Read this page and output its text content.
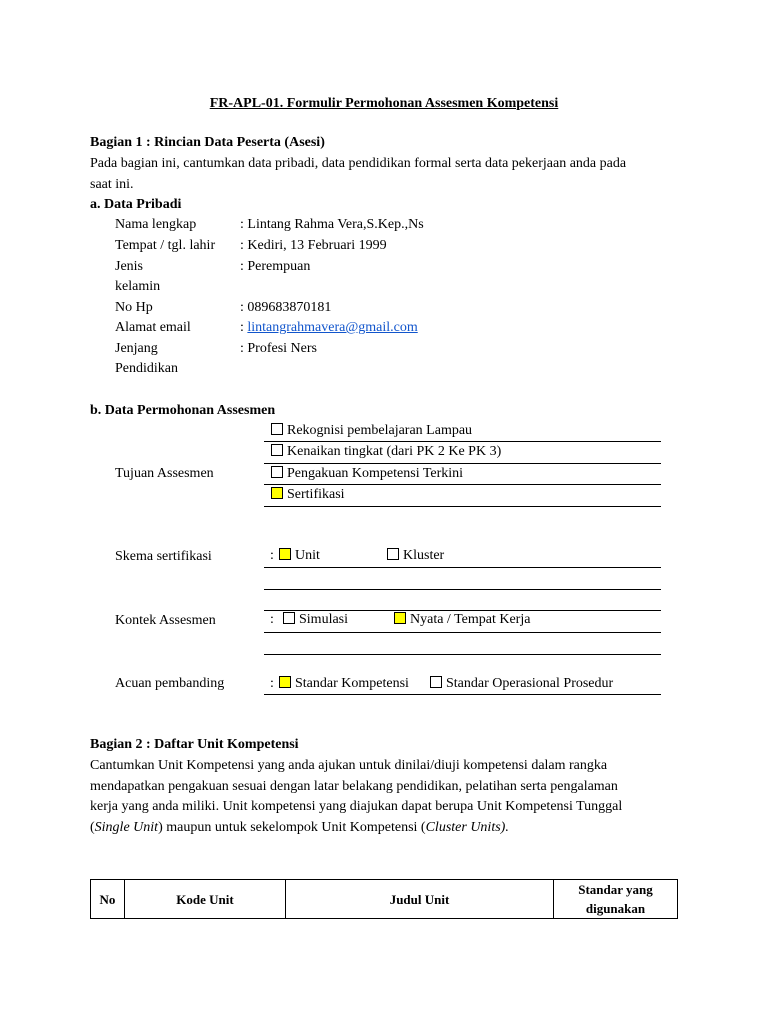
FR-APL-01. Formulir Permohonan Assesmen Kompetensi
Bagian 1 : Rincian Data Peserta (Asesi)
Pada bagian ini, cantumkan data pribadi, data pendidikan formal serta data pekerjaan anda pada
saat ini.
a. Data Pribadi
Nama lengkap	: Lintang Rahma Vera,S.Kep.,Ns
Tempat / tgl. lahir : Kediri, 13 Februari 1999
Jenis	: Perempuan
kelamin
No Hp	: 089683870181
Alamat email	: lintangrahmavera@gmail.com
Jenjang	: Profesi Ners
Pendidikan
b. Data Permohonan Assesmen
Rekognisi pembelajaran Lampau
Kenaikan tingkat (dari PK 2 Ke PK 3)
Tujuan Assesmen	Pengakuan Kompetensi Terkini
Sertifikasi
Skema sertifikasi	:	Unit	Kluster
Kontek Assesmen	:	Simulasi	Nyata / Tempat Kerja
Acuan pembanding	:	Standar Kompetensi	Standar Operasional Prosedur
Bagian 2 : Daftar Unit Kompetensi
Cantumkan Unit Kompetensi yang anda ajukan untuk dinilai/diuji kompetensi dalam rangka
mendapatkan pengakuan sesuai dengan latar belakang pendidikan, pelatihan serta pengalaman
kerja yang anda miliki. Unit kompetensi yang diajukan dapat berupa Unit Kompetensi Tunggal
(Single Unit) maupun untuk sekelompok Unit Kompetensi (Cluster Units).
No	Kode Unit	Judul Unit	Standar yang
digunakan
